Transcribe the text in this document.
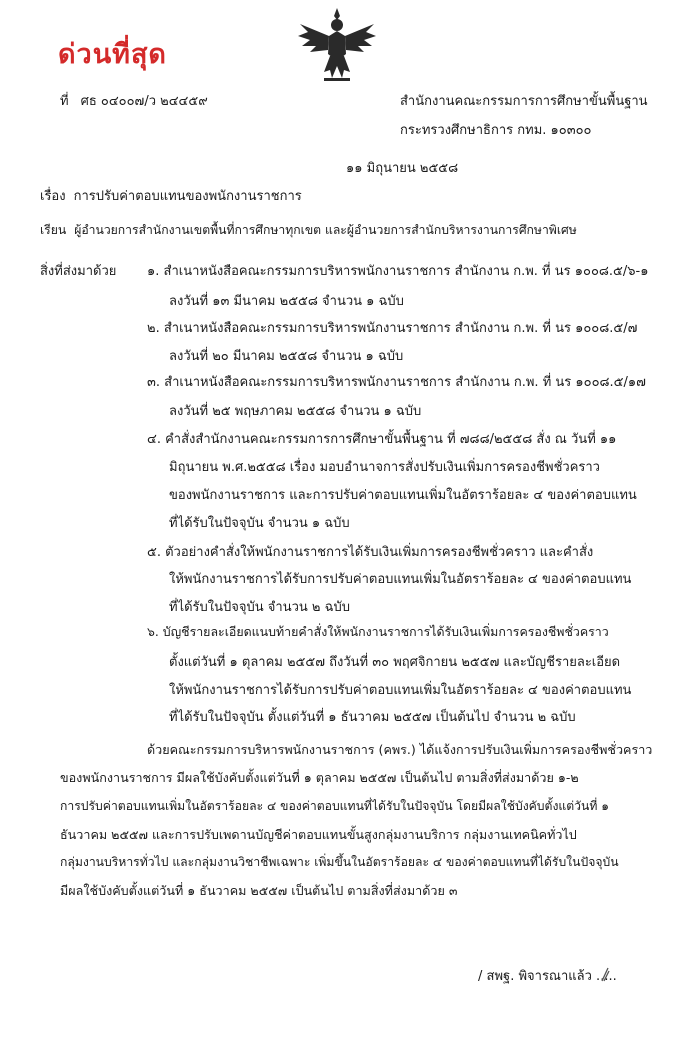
ด่วนที่สุด
ที่ ศธ ๐๔๐๐๗/ว ๒๔๔๕๙	สำนักงานคณะกรรมการการศึกษาขั้นพื้นฐาน
กระทรวงศึกษาธิการ กทม. ๑๐๓๐๐
๑๑ มิถุนายน ๒๕๕๘
เรื่อง การปรับค่าตอบแทนของพนักงานราชการ
เรียน ผู้อำนวยการสำนักงานเขตพื้นที่การศึกษาทุกเขต และผู้อำนวยการสำนักบริหารงานการศึกษาพิเศษ
สิ่งที่ส่งมาด้วย ๑. สำเนาหนังสือคณะกรรมการบริหารพนักงานราชการ สำนักงาน ก.พ. ที่ นร ๑๐๐๘.๕/๖-๑
ลงวันที่ ๑๓ มีนาคม ๒๕๕๘ จำนวน ๑ ฉบับ
๒. สำเนาหนังสือคณะกรรมการบริหารพนักงานราชการ สำนักงาน ก.พ. ที่ นร ๑๐๐๘.๕/๗
ลงวันที่ ๒๐ มีนาคม ๒๕๕๘ จำนวน ๑ ฉบับ
๓. สำเนาหนังสือคณะกรรมการบริหารพนักงานราชการ สำนักงาน ก.พ. ที่ นร ๑๐๐๘.๕/๑๗
ลงวันที่ ๒๕ พฤษภาคม ๒๕๕๘ จำนวน ๑ ฉบับ
๔. คำสั่งสำนักงานคณะกรรมการการศึกษาขั้นพื้นฐาน ที่ ๗๘๘/๒๕๕๘ สั่ง ณ วันที่ ๑๑
มิถุนายน พ.ศ.๒๕๕๘ เรื่อง มอบอำนาจการสั่งปรับเงินเพิ่มการครองชีพชั่วคราว
ของพนักงานราชการ และการปรับค่าตอบแทนเพิ่มในอัตราร้อยละ ๔ ของค่าตอบแทน
ที่ได้รับในปัจจุบัน จำนวน ๑ ฉบับ
๕. ตัวอย่างคำสั่งให้พนักงานราชการได้รับเงินเพิ่มการครองชีพชั่วคราว และคำสั่ง
ให้พนักงานราชการได้รับการปรับค่าตอบแทนเพิ่มในอัตราร้อยละ ๔ ของค่าตอบแทน
ที่ได้รับในปัจจุบัน จำนวน ๒ ฉบับ
๖. บัญชีรายละเอียดแนบท้ายคำสั่งให้พนักงานราชการได้รับเงินเพิ่มการครองชีพชั่วคราว
ตั้งแต่วันที่ ๑ ตุลาคม ๒๕๕๗ ถึงวันที่ ๓๐ พฤศจิกายน ๒๕๕๗ และบัญชีรายละเอียด
ให้พนักงานราชการได้รับการปรับค่าตอบแทนเพิ่มในอัตราร้อยละ ๔ ของค่าตอบแทน
ที่ได้รับในปัจจุบัน ตั้งแต่วันที่ ๑ ธันวาคม ๒๕๕๗ เป็นต้นไป จำนวน ๒ ฉบับ
ด้วยคณะกรรมการบริหารพนักงานราชการ (คพร.) ได้แจ้งการปรับเงินเพิ่มการครองชีพชั่วคราว
ของพนักงานราชการ มีผลใช้บังคับตั้งแต่วันที่ ๑ ตุลาคม ๒๕๕๗ เป็นต้นไป ตามสิ่งที่ส่งมาด้วย ๑-๒
การปรับค่าตอบแทนเพิ่มในอัตราร้อยละ ๔ ของค่าตอบแทนที่ได้รับในปัจจุบัน โดยมีผลใช้บังคับตั้งแต่วันที่ ๑
ธันวาคม ๒๕๕๗ และการปรับเพดานบัญชีค่าตอบแทนขั้นสูงกลุ่มงานบริการ กลุ่มงานเทคนิคทั่วไป
กลุ่มงานบริหารทั่วไป และกลุ่มงานวิชาชีพเฉพาะ เพิ่มขึ้นในอัตราร้อยละ ๔ ของค่าตอบแทนที่ได้รับในปัจจุบัน
มีผลใช้บังคับตั้งแต่วันที่ ๑ ธันวาคม ๒๕๕๗ เป็นต้นไป ตามสิ่งที่ส่งมาด้วย ๓
/ สพฐ. พิจารณาแล้ว .....
